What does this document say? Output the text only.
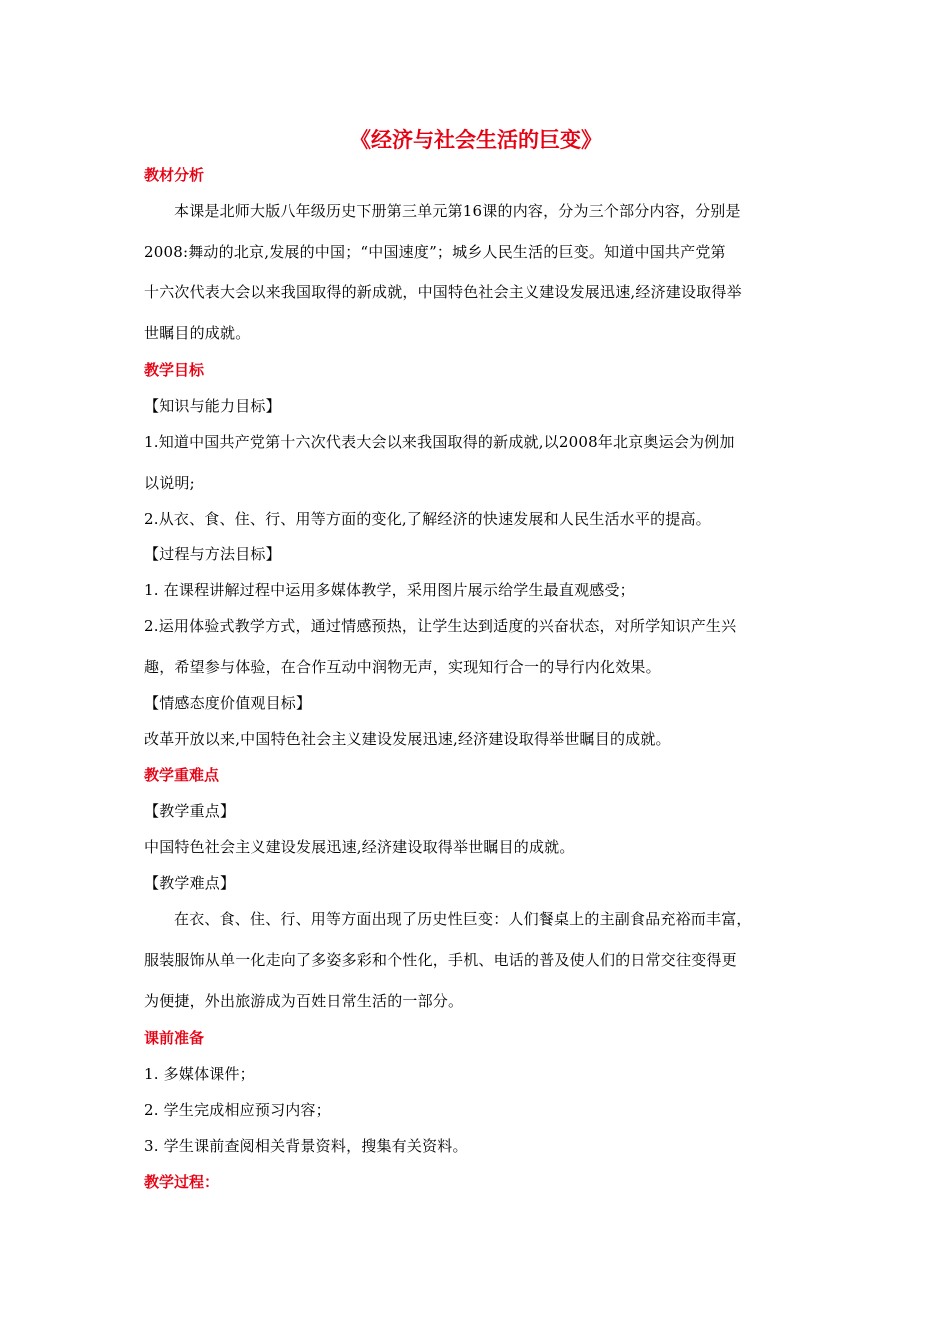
《经济与社会生活的巨变》
教材分析
本课是北师大版八年级历史下册第三单元第16课的内容，分为三个部分内容，分别是
2008:舞动的北京,发展的中国；“中国速度”；城乡人民生活的巨变。知道中国共产党第
十六次代表大会以来我国取得的新成就，中国特色社会主义建设发展迅速,经济建设取得举
世瞩目的成就。
教学目标
【知识与能力目标】
1.知道中国共产党第十六次代表大会以来我国取得的新成就,以2008年北京奥运会为例加
以说明;
2.从衣、食、住、行、用等方面的变化,了解经济的快速发展和人民生活水平的提高。
【过程与方法目标】
1. 在课程讲解过程中运用多媒体教学，采用图片展示给学生最直观感受；
2.运用体验式教学方式，通过情感预热，让学生达到适度的兴奋状态，对所学知识产生兴
趣，希望参与体验，在合作互动中润物无声，实现知行合一的导行内化效果。
【情感态度价值观目标】
改革开放以来,中国特色社会主义建设发展迅速,经济建设取得举世瞩目的成就。
教学重难点
【教学重点】
中国特色社会主义建设发展迅速,经济建设取得举世瞩目的成就。
【教学难点】
在衣、食、住、行、用等方面出现了历史性巨变：人们餐桌上的主副食品充裕而丰富，
服装服饰从单一化走向了多姿多彩和个性化，手机、电话的普及使人们的日常交往变得更
为便捷，外出旅游成为百姓日常生活的一部分。
课前准备
1. 多媒体课件；
2. 学生完成相应预习内容；
3. 学生课前查阅相关背景资料，搜集有关资料。
教学过程：
